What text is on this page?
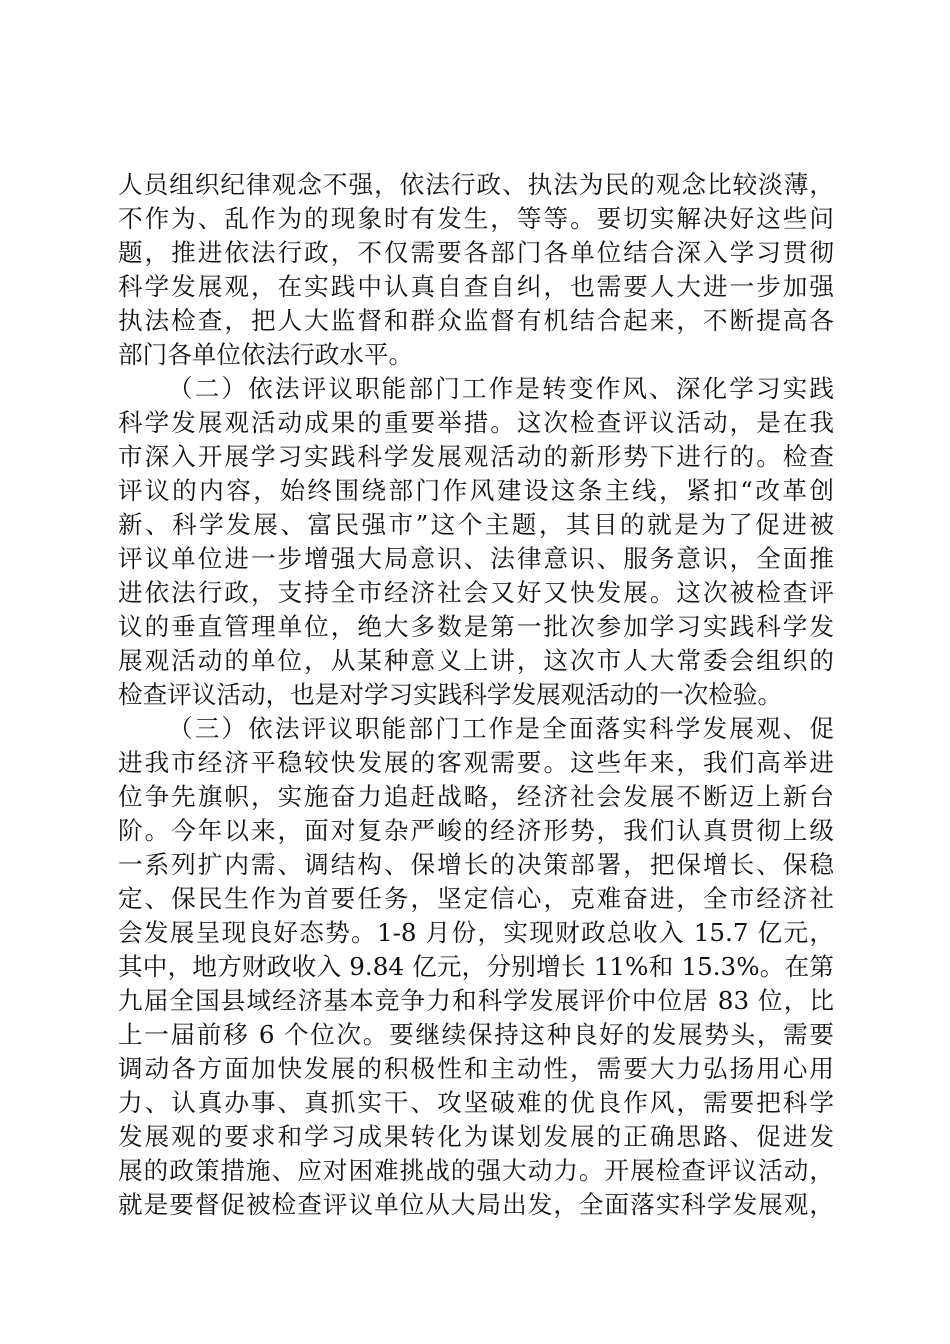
人员组织纪律观念不强，依法行政、执法为民的观念比较淡薄，
不作为、乱作为的现象时有发生，等等。要切实解决好这些问
题，推进依法行政，不仅需要各部门各单位结合深入学习贯彻
科学发展观，在实践中认真自查自纠，也需要人大进一步加强
执法检查，把人大监督和群众监督有机结合起来，不断提高各
部门各单位依法行政水平。
（二）依法评议职能部门工作是转变作风、深化学习实践
科学发展观活动成果的重要举措。这次检查评议活动，是在我
市深入开展学习实践科学发展观活动的新形势下进行的。检查
评议的内容，始终围绕部门作风建设这条主线，紧扣“改革创
新、科学发展、富民强市”这个主题，其目的就是为了促进被
评议单位进一步增强大局意识、法律意识、服务意识，全面推
进依法行政，支持全市经济社会又好又快发展。这次被检查评
议的垂直管理单位，绝大多数是第一批次参加学习实践科学发
展观活动的单位，从某种意义上讲，这次市人大常委会组织的
检查评议活动，也是对学习实践科学发展观活动的一次检验。
（三）依法评议职能部门工作是全面落实科学发展观、促
进我市经济平稳较快发展的客观需要。这些年来，我们高举进
位争先旗帜，实施奋力追赶战略，经济社会发展不断迈上新台
阶。今年以来，面对复杂严峻的经济形势，我们认真贯彻上级
一系列扩内需、调结构、保增长的决策部署，把保增长、保稳
定、保民生作为首要任务，坚定信心，克难奋进，全市经济社
会发展呈现良好态势。1-8 月份，实现财政总收入 15.7 亿元，
其中，地方财政收入 9.84 亿元，分别增长 11%和 15.3%。在第
九届全国县域经济基本竞争力和科学发展评价中位居 83 位，比
上一届前移 6 个位次。要继续保持这种良好的发展势头，需要
调动各方面加快发展的积极性和主动性，需要大力弘扬用心用
力、认真办事、真抓实干、攻坚破难的优良作风，需要把科学
发展观的要求和学习成果转化为谋划发展的正确思路、促进发
展的政策措施、应对困难挑战的强大动力。开展检查评议活动，
就是要督促被检查评议单位从大局出发，全面落实科学发展观，
